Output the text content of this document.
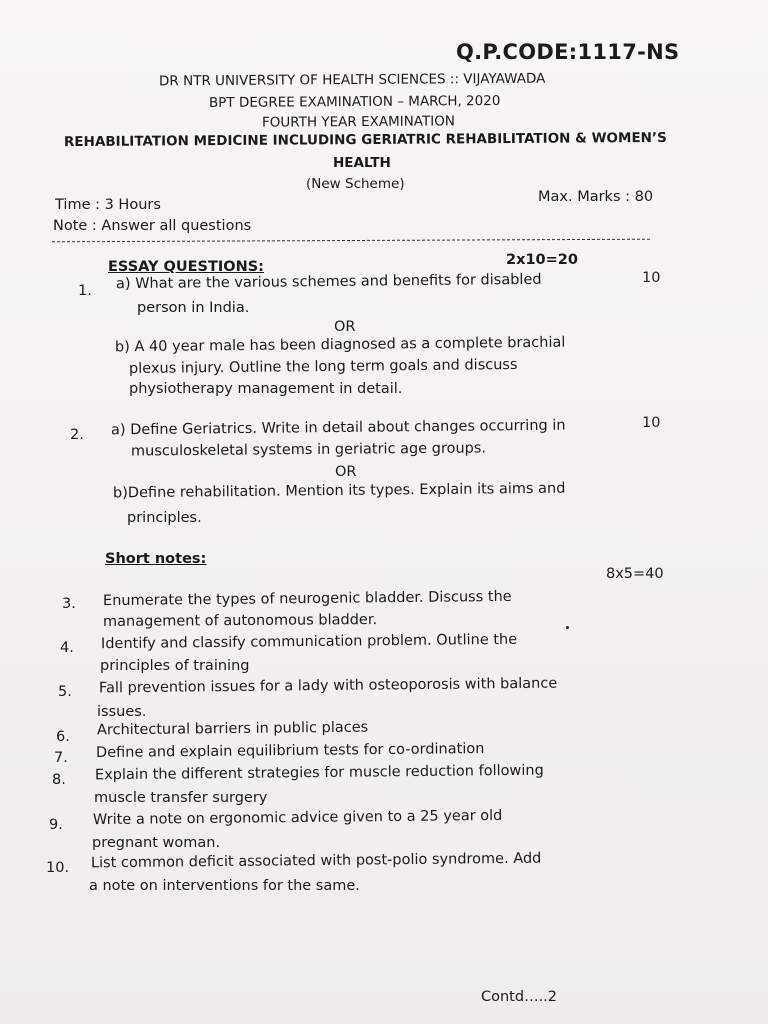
Q.P.CODE:1117-NS
DR NTR UNIVERSITY OF HEALTH SCIENCES :: VIJAYAWADA
BPT DEGREE EXAMINATION – MARCH, 2020
FOURTH YEAR EXAMINATION
REHABILITATION MEDICINE INCLUDING GERIATRIC REHABILITATION & WOMEN’S
HEALTH
(New Scheme)
Time : 3 Hours	Max. Marks : 80
Note : Answer all questions
ESSAY QUESTIONS:	2x10=20
1.
10
a) What are the various schemes and benefits for disabled
person in India.
OR
b) A 40 year male has been diagnosed as a complete brachial
plexus injury. Outline the long term goals and discuss
physiotherapy management in detail.
2.
10
a) Define Geriatrics. Write in detail about changes occurring in
musculoskeletal systems in geriatric age groups.
OR
b)Define rehabilitation. Mention its types. Explain its aims and
principles.
Short notes:
8x5=40
3. Enumerate the types of neurogenic bladder. Discuss the
management of autonomous bladder.
4. Identify and classify communication problem. Outline the
principles of training
5. Fall prevention issues for a lady with osteoporosis with balance
issues.
6. Architectural barriers in public places
7. Define and explain equilibrium tests for co-ordination
8. Explain the different strategies for muscle reduction following
muscle transfer surgery
9. Write a note on ergonomic advice given to a 25 year old
pregnant woman.
10. List common deficit associated with post-polio syndrome. Add
a note on interventions for the same.
Contd…..2
